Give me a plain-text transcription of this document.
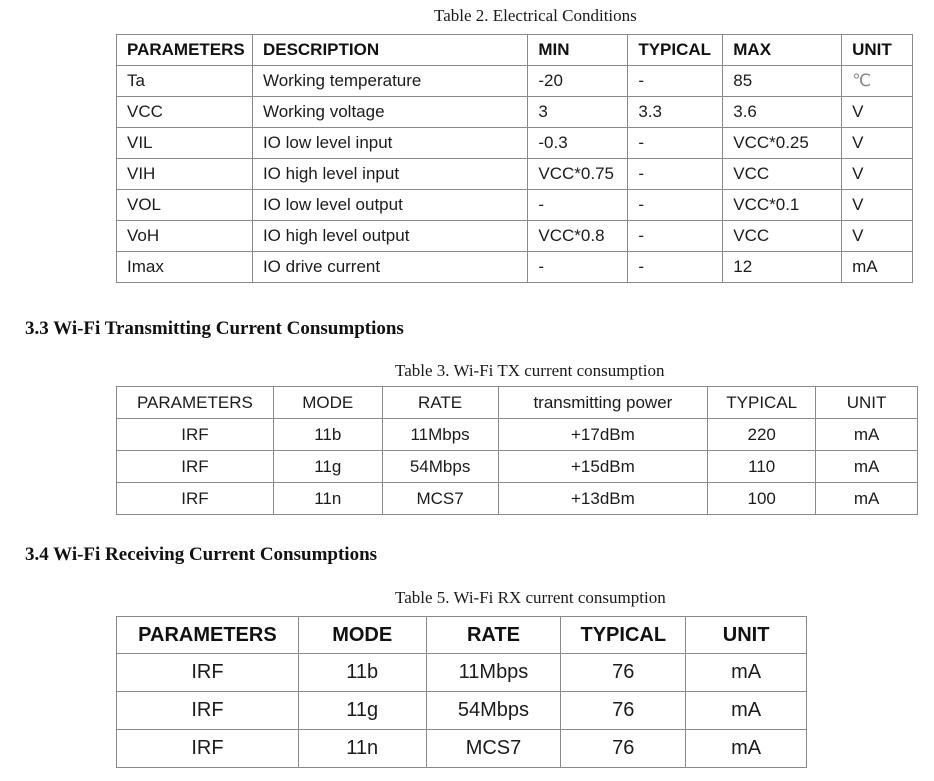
Table 2. Electrical Conditions
PARAMETERS	DESCRIPTION	MIN	TYPICAL	MAX	UNIT
Ta	Working temperature	-20	-	85	℃
VCC	Working voltage	3	3.3	3.6	V
VIL	IO low level input	-0.3	-	VCC*0.25	V
VIH	IO high level input	VCC*0.75	-	VCC	V
VOL	IO low level output	-	-	VCC*0.1	V
VoH	IO high level output	VCC*0.8	-	VCC	V
Imax	IO drive current	-	-	12	mA
3.3 Wi-Fi Transmitting Current Consumptions
Table 3. Wi-Fi TX current consumption
PARAMETERS	MODE	RATE	transmitting power	TYPICAL	UNIT
IRF	11b	11Mbps	+17dBm	220	mA
IRF	11g	54Mbps	+15dBm	110	mA
IRF	11n	MCS7	+13dBm	100	mA
3.4 Wi-Fi Receiving Current Consumptions
Table 5. Wi-Fi RX current consumption
PARAMETERS	MODE	RATE	TYPICAL	UNIT
IRF	11b	11Mbps	76	mA
IRF	11g	54Mbps	76	mA
IRF	11n	MCS7	76	mA
